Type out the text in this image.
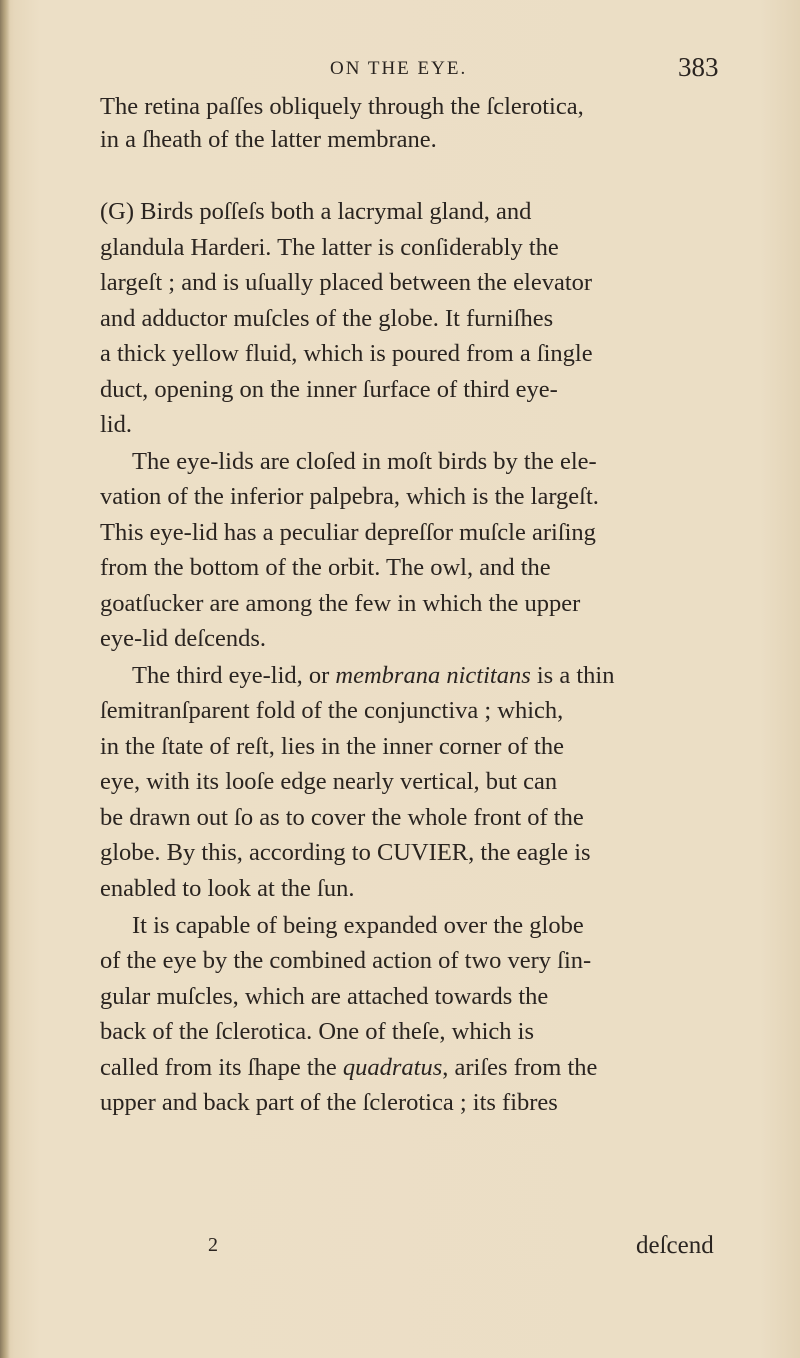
ON THE EYE.	383
The retina paſſes obliquely through the ſclerotica,
in a ſheath of the latter membrane.
(G) Birds poſſeſs both a lacrymal gland, and
glandula Harderi. The latter is conſiderably the
largeſt ; and is uſually placed between the elevator
and adductor muſcles of the globe. It furniſhes
a thick yellow fluid, which is poured from a ſingle
duct, opening on the inner ſurface of third eye-
lid.
The eye-lids are cloſed in moſt birds by the ele-
vation of the inferior palpebra, which is the largeſt.
This eye-lid has a peculiar depreſſor muſcle ariſing
from the bottom of the orbit. The owl, and the
goatſucker are among the few in which the upper
eye-lid deſcends.
The third eye-lid, or membrana nictitans is a thin
ſemitranſparent fold of the conjunctiva ; which,
in the ſtate of reſt, lies in the inner corner of the
eye, with its looſe edge nearly vertical, but can
be drawn out ſo as to cover the whole front of the
globe. By this, according to CUVIER, the eagle is
enabled to look at the ſun.
It is capable of being expanded over the globe
of the eye by the combined action of two very ſin-
gular muſcles, which are attached towards the
back of the ſclerotica. One of theſe, which is
called from its ſhape the quadratus, ariſes from the
upper and back part of the ſclerotica ; its fibres
2	deſcend
